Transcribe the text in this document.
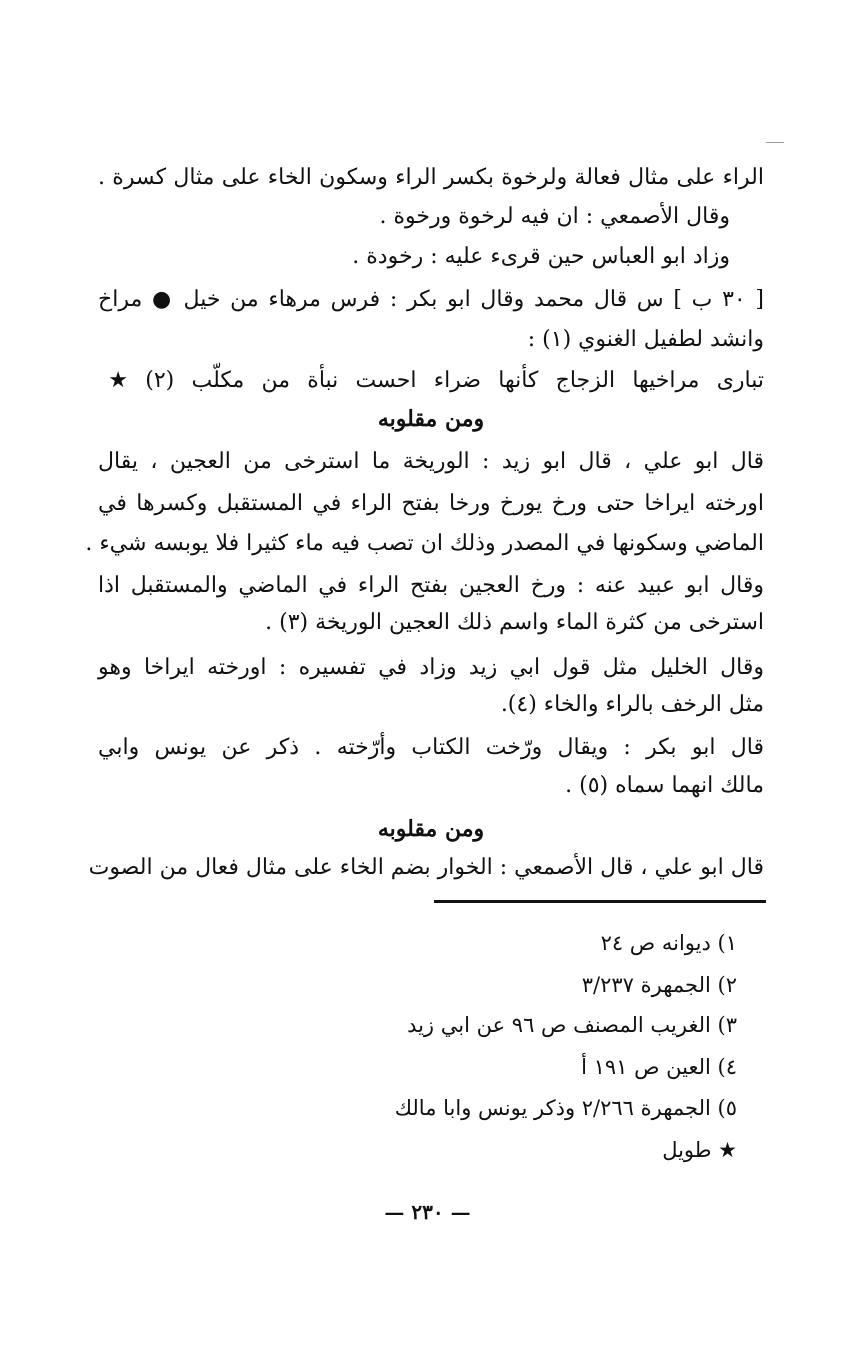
الراء على مثال فعالة ولرخوة بكسر الراء وسكون الخاء على مثال كسرة .
وقال الأصمعي : ان فيه لرخوة ورخوة .
وزاد ابو العباس حين قرىء عليه : رخودة .
[ ٣٠ ب ] س قال محمد وقال ابو بكر : فرس مرهاء من خيل ● مراخ
وانشد لطفيل الغنوي (١) :
تبارى مراخيها الزجاج كأنها ضراء احست نبأة من مكلّب (٢) ★
ومن مقلوبه
قال ابو علي ، قال ابو زيد : الوريخة ما استرخى من العجين ، يقال
اورخته ايراخا حتى ورخ يورخ ورخا بفتح الراء في المستقبل وكسرها في
الماضي وسكونها في المصدر وذلك ان تصب فيه ماء كثيرا فلا يوبسه شيء .
وقال ابو عبيد عنه : ورخ العجين بفتح الراء في الماضي والمستقبل اذا
استرخى من كثرة الماء واسم ذلك العجين الوريخة (٣) .
وقال الخليل مثل قول ابي زيد وزاد في تفسيره : اورخته ايراخا وهو
مثل الرخف بالراء والخاء (٤).
قال ابو بكر : ويقال ورّخت الكتاب وأرّخته . ذكر عن يونس وابي
مالك انهما سماه (٥) .
ومن مقلوبه
قال ابو علي ، قال الأصمعي : الخوار بضم الخاء على مثال فعال من الصوت
١) ديوانه ص ٢٤
٢) الجمهرة ٣/٢٣٧
٣) الغريب المصنف ص ٩٦ عن ابي زيد
٤) العين ص ١٩١ أ
٥) الجمهرة ٢/٢٦٦ وذكر يونس وابا مالك
★ طويل
— ٢٣٠ —
